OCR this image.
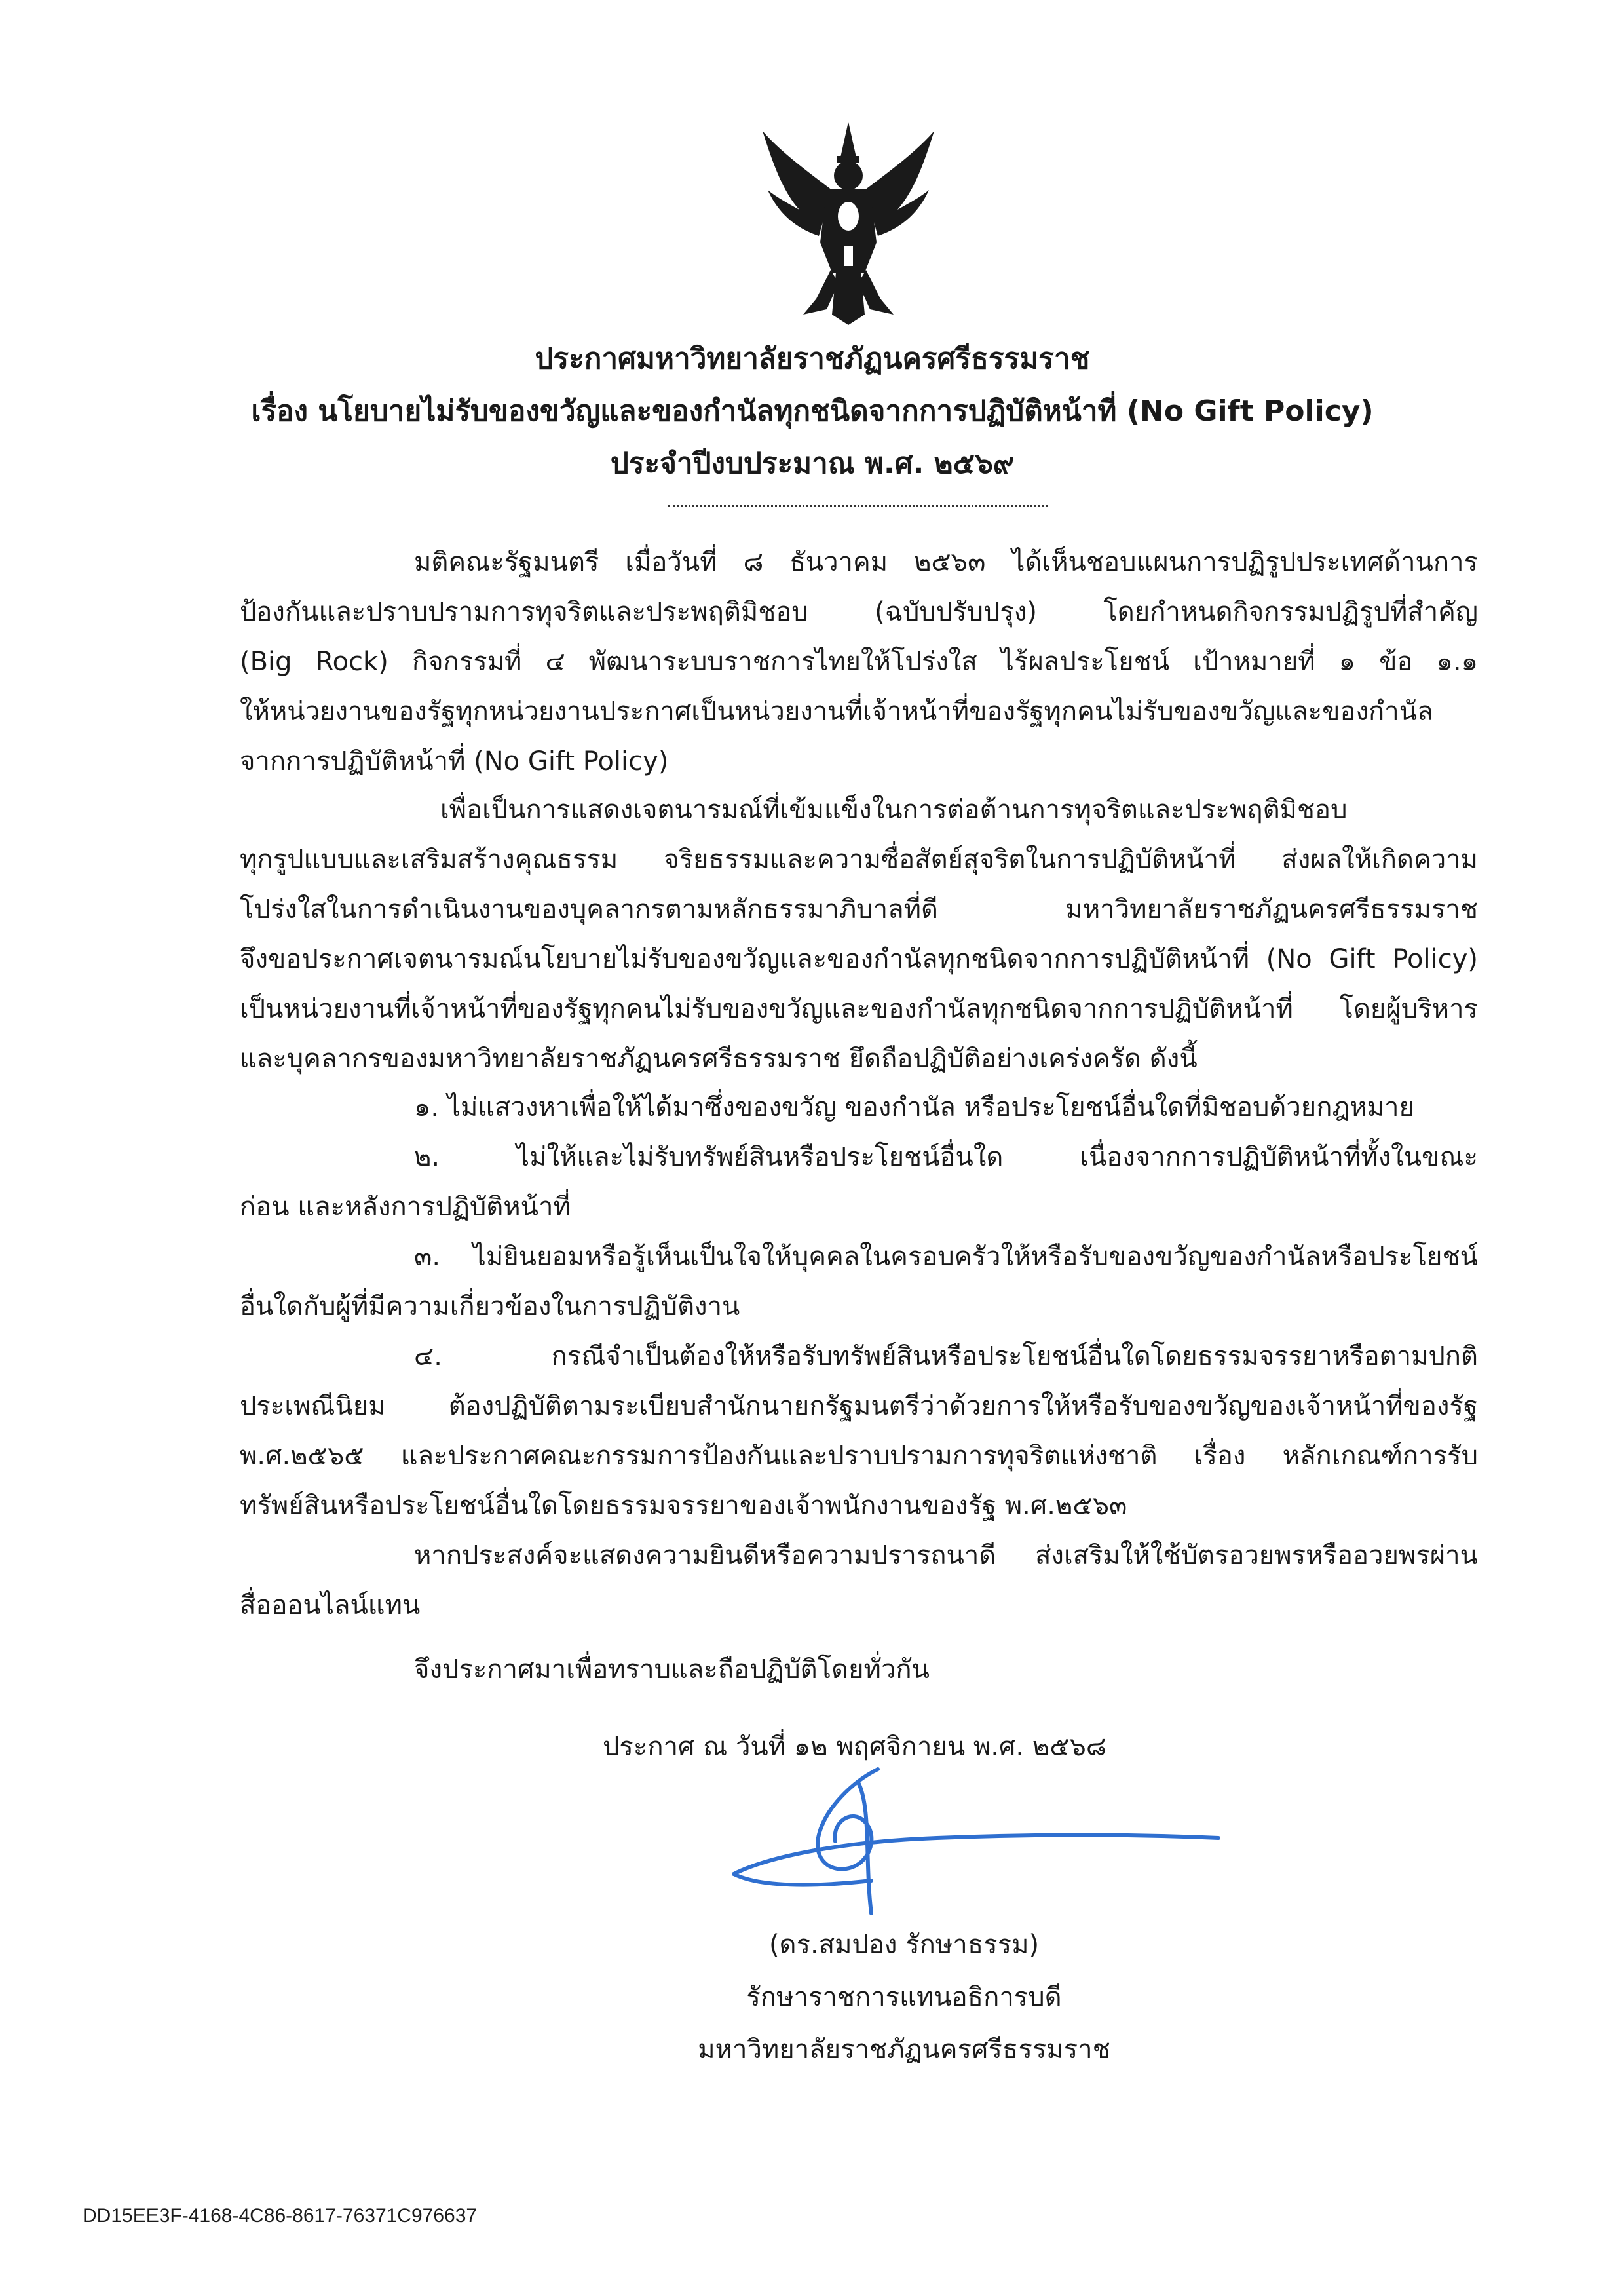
ประกาศมหาวิทยาลัยราชภัฏนครศรีธรรมราช
เรื่อง นโยบายไม่รับของขวัญและของกำนัลทุกชนิดจากการปฏิบัติหน้าที่ (No Gift Policy)
ประจำปีงบประมาณ พ.ศ. ๒๕๖๙
มติคณะรัฐมนตรี เมื่อวันที่ ๘ ธันวาคม ๒๕๖๓ ได้เห็นชอบแผนการปฏิรูปประเทศด้านการ
ป้องกันและปราบปรามการทุจริตและประพฤติมิชอบ (ฉบับปรับปรุง) โดยกำหนดกิจกรรมปฏิรูปที่สำคัญ
(Big Rock) กิจกรรมที่ ๔ พัฒนาระบบราชการไทยให้โปร่งใส ไร้ผลประโยชน์ เป้าหมายที่ ๑ ข้อ ๑.๑
ให้หน่วยงานของรัฐทุกหน่วยงานประกาศเป็นหน่วยงานที่เจ้าหน้าที่ของรัฐทุกคนไม่รับของขวัญและของกำนัล
จากการปฏิบัติหน้าที่ (No Gift Policy)
เพื่อเป็นการแสดงเจตนารมณ์ที่เข้มแข็งในการต่อต้านการทุจริตและประพฤติมิชอบ
ทุกรูปแบบและเสริมสร้างคุณธรรม จริยธรรมและความซื่อสัตย์สุจริตในการปฏิบัติหน้าที่ ส่งผลให้เกิดความ
โปร่งใสในการดำเนินงานของบุคลากรตามหลักธรรมาภิบาลที่ดี มหาวิทยาลัยราชภัฏนครศรีธรรมราช
จึงขอประกาศเจตนารมณ์นโยบายไม่รับของขวัญและของกำนัลทุกชนิดจากการปฏิบัติหน้าที่ (No Gift Policy)
เป็นหน่วยงานที่เจ้าหน้าที่ของรัฐทุกคนไม่รับของขวัญและของกำนัลทุกชนิดจากการปฏิบัติหน้าที่ โดยผู้บริหาร
และบุคลากรของมหาวิทยาลัยราชภัฏนครศรีธรรมราช ยึดถือปฏิบัติอย่างเคร่งครัด ดังนี้
๑. ไม่แสวงหาเพื่อให้ได้มาซึ่งของขวัญ ของกำนัล หรือประโยชน์อื่นใดที่มิชอบด้วยกฎหมาย
๒. ไม่ให้และไม่รับทรัพย์สินหรือประโยชน์อื่นใด เนื่องจากการปฏิบัติหน้าที่ทั้งในขณะ
ก่อน และหลังการปฏิบัติหน้าที่
๓. ไม่ยินยอมหรือรู้เห็นเป็นใจให้บุคคลในครอบครัวให้หรือรับของขวัญของกำนัลหรือประโยชน์
อื่นใดกับผู้ที่มีความเกี่ยวข้องในการปฏิบัติงาน
๔. กรณีจำเป็นต้องให้หรือรับทรัพย์สินหรือประโยชน์อื่นใดโดยธรรมจรรยาหรือตามปกติ
ประเพณีนิยม ต้องปฏิบัติตามระเบียบสำนักนายกรัฐมนตรีว่าด้วยการให้หรือรับของขวัญของเจ้าหน้าที่ของรัฐ
พ.ศ.๒๕๖๕ และประกาศคณะกรรมการป้องกันและปราบปรามการทุจริตแห่งชาติ เรื่อง หลักเกณฑ์การรับ
ทรัพย์สินหรือประโยชน์อื่นใดโดยธรรมจรรยาของเจ้าพนักงานของรัฐ พ.ศ.๒๕๖๓
หากประสงค์จะแสดงความยินดีหรือความปรารถนาดี ส่งเสริมให้ใช้บัตรอวยพรหรืออวยพรผ่าน
สื่อออนไลน์แทน
จึงประกาศมาเพื่อทราบและถือปฏิบัติโดยทั่วกัน
ประกาศ ณ วันที่ ๑๒ พฤศจิกายน พ.ศ. ๒๕๖๘
(ดร.สมปอง รักษาธรรม)
รักษาราชการแทนอธิการบดี
มหาวิทยาลัยราชภัฏนครศรีธรรมราช
DD15EE3F-4168-4C86-8617-76371C976637
